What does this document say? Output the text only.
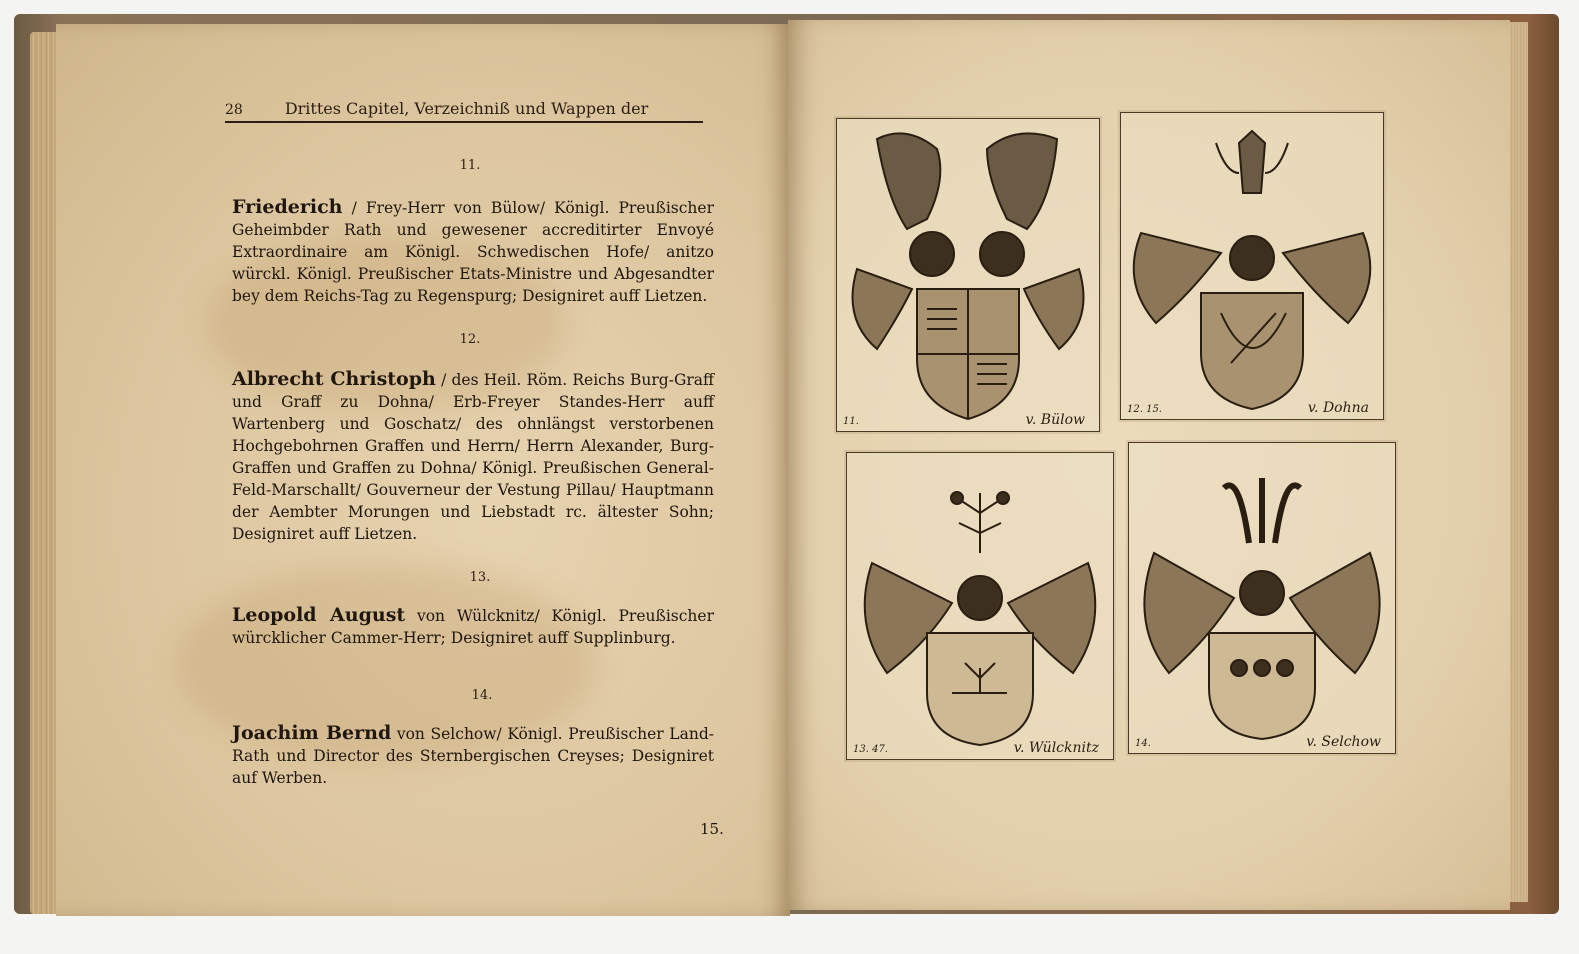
28	Drittes Capitel, Verzeichniß und Wappen der
11.
Friederich / Frey-Herr von Bülow/ Königl. Preußischer Geheimbder Rath und gewesener accreditirter Envoyé Extraordinaire am Königl. Schwedischen Hofe/ anitzo würckl. Königl. Preußischer Etats-Ministre und Abgesandter bey dem Reichs-Tag zu Regenspurg; Designiret auff Lietzen.
12.
Albrecht Christoph / des Heil. Röm. Reichs Burg-Graff und Graff zu Dohna/ Erb-Freyer Standes-Herr auff Wartenberg und Goschatz/ des ohnlängst verstorbenen Hochgebohrnen Graffen und Herrn/ Herrn Alexander, Burg-Graffen und Graffen zu Dohna/ Königl. Preußischen General-Feld-Marschallt/ Gouverneur der Vestung Pillau/ Hauptmann der Aembter Morungen und Liebstadt rc. ältester Sohn; Designiret auff Lietzen.
13.
Leopold August von Wülcknitz/ Königl. Preußischer würcklicher Cammer-Herr; Designiret auff Supplinburg.
14.
Joachim Bernd von Selchow/ Königl. Preußischer Land-Rath und Director des Sternbergischen Creyses; Designiret auf Werben.
15.
11.	v. Bülow
12. 15.	v. Dohna
13. 47.	v. Wülcknitz	14.	v. Selchow
